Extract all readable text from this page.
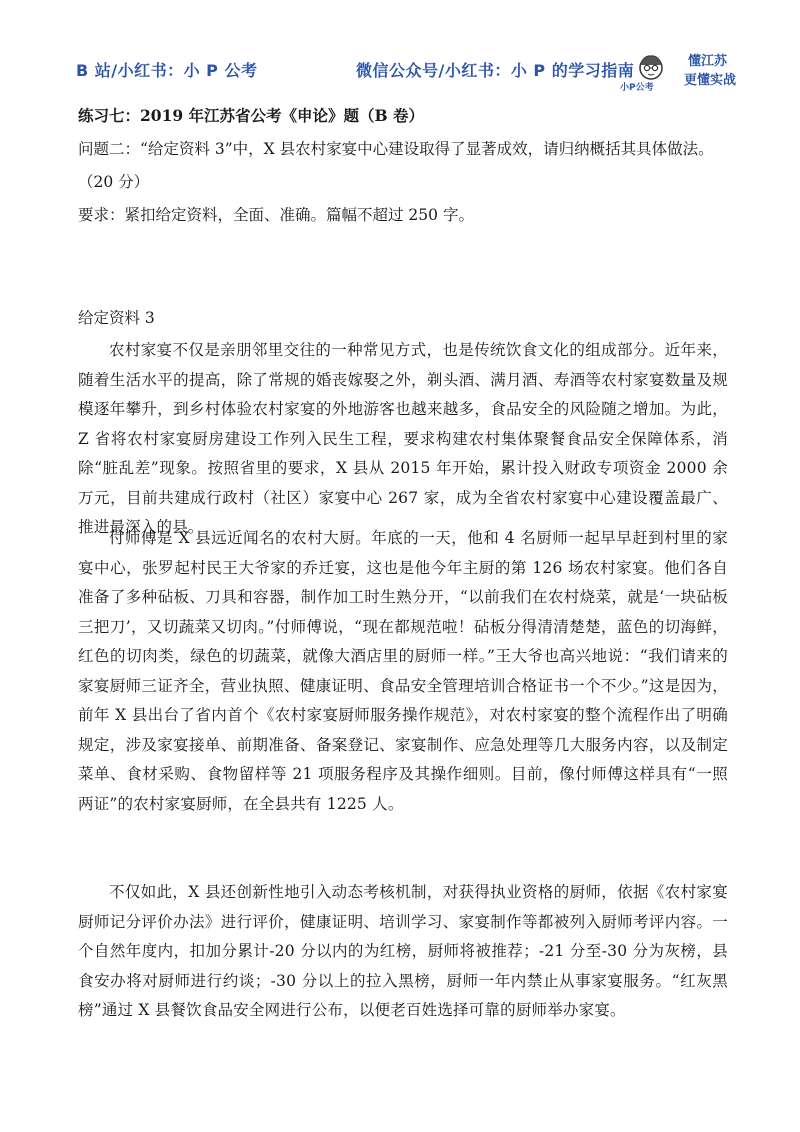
B 站/小红书：小 P 公考	微信公众号/小红书：小 P 的学习指南
小P公考
懂江苏
更懂实战
练习七：2019 年江苏省公考《申论》题（B 卷）
问题二：“给定资料 3”中，X 县农村家宴中心建设取得了显著成效，请归纳概括其具体做法。
（20 分）
要求：紧扣给定资料，全面、准确。篇幅不超过 250 字。
给定资料 3

农村家宴不仅是亲朋邻里交往的一种常见方式，也是传统饮食文化的组成部分。近年来，随着生活水平的提高，除了常规的婚丧嫁娶之外，剃头酒、满月酒、寿酒等农村家宴数量及规模逐年攀升，到乡村体验农村家宴的外地游客也越来越多，食品安全的风险随之增加。为此，Z 省将农村家宴厨房建设工作列入民生工程，要求构建农村集体聚餐食品安全保障体系，消除“脏乱差”现象。按照省里的要求，X 县从 2015 年开始，累计投入财政专项资金 2000 余万元，目前共建成行政村（社区）家宴中心 267 家，成为全省农村家宴中心建设覆盖最广、推进最深入的县。

付师傅是 X 县远近闻名的农村大厨。年底的一天，他和 4 名厨师一起早早赶到村里的家宴中心，张罗起村民王大爷家的乔迁宴，这也是他今年主厨的第 126 场农村家宴。他们各自准备了多种砧板、刀具和容器，制作加工时生熟分开，“以前我们在农村烧菜，就是‘一块砧板三把刀’，又切蔬菜又切肉。”付师傅说，“现在都规范啦！砧板分得清清楚楚，蓝色的切海鲜，红色的切肉类，绿色的切蔬菜，就像大酒店里的厨师一样。”王大爷也高兴地说：“我们请来的家宴厨师三证齐全，营业执照、健康证明、食品安全管理培训合格证书一个不少。”这是因为，前年 X 县出台了省内首个《农村家宴厨师服务操作规范》，对农村家宴的整个流程作出了明确规定，涉及家宴接单、前期准备、备案登记、家宴制作、应急处理等几大服务内容，以及制定菜单、食材采购、食物留样等 21 项服务程序及其操作细则。目前，像付师傅这样具有“一照两证”的农村家宴厨师，在全县共有 1225 人。

不仅如此，X 县还创新性地引入动态考核机制，对获得执业资格的厨师，依据《农村家宴厨师记分评价办法》进行评价，健康证明、培训学习、家宴制作等都被列入厨师考评内容。一个自然年度内，扣加分累计-20 分以内的为红榜，厨师将被推荐；-21 分至-30 分为灰榜，县食安办将对厨师进行约谈；-30 分以上的拉入黑榜，厨师一年内禁止从事家宴服务。“红灰黑榜”通过 X 县餐饮食品安全网进行公布，以便老百姓选择可靠的厨师举办家宴。
